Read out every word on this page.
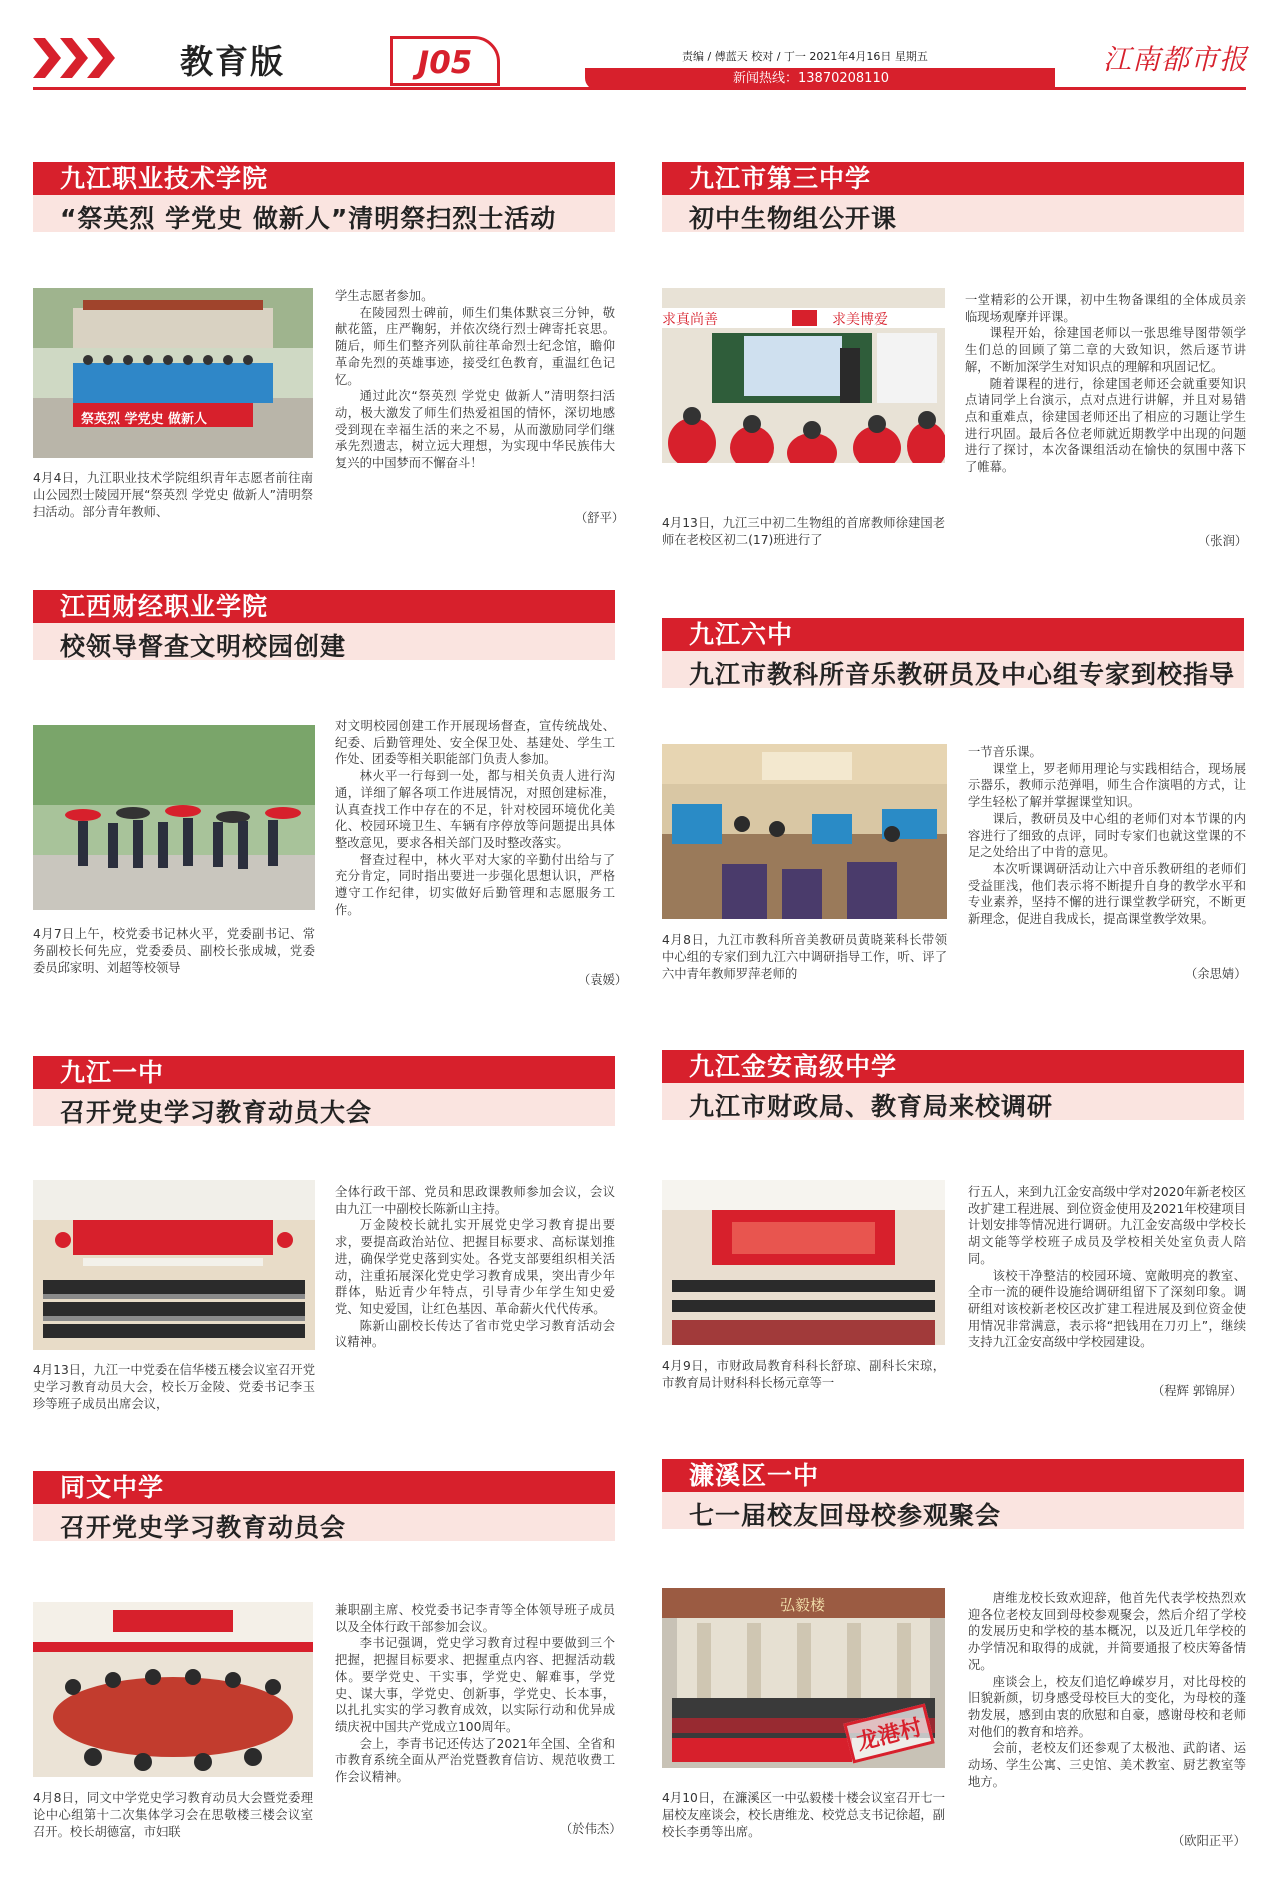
教育版	J05	责编 / 傅蓝天 校对 / 丁一 2021年4月16日 星期五
新闻热线：13870208110
江南都市报
九江职业技术学院
“祭英烈 学党史 做新人”清明祭扫烈士活动
祭英烈 学党史 做新人
4月4日，九江职业技术学院组织青年志愿者前往南山公园烈士陵园开展“祭英烈 学党史 做新人”清明祭扫活动。部分青年教师、

学生志愿者参加。

在陵园烈士碑前，师生们集体默哀三分钟，敬献花篮，庄严鞠躬，并依次绕行烈士碑寄托哀思。随后，师生们整齐列队前往革命烈士纪念馆，瞻仰革命先烈的英雄事迹，接受红色教育，重温红色记忆。

通过此次“祭英烈 学党史 做新人”清明祭扫活动，极大激发了师生们热爱祖国的情怀，深切地感受到现在幸福生活的来之不易，从而激励同学们继承先烈遗志，树立远大理想，为实现中华民族伟大复兴的中国梦而不懈奋斗！

（舒平）
九江市第三中学
初中生物组公开课
求真尚善	求美博爱
4月13日，九江三中初二生物组的首席教师徐建国老师在老校区初二(17)班进行了

一堂精彩的公开课，初中生物备课组的全体成员亲临现场观摩并评课。

课程开始，徐建国老师以一张思维导图带领学生们总的回顾了第二章的大致知识，然后逐节讲解，不断加深学生对知识点的理解和巩固记忆。

随着课程的进行，徐建国老师还会就重要知识点请同学上台演示，点对点进行讲解，并且对易错点和重难点，徐建国老师还出了相应的习题让学生进行巩固。最后各位老师就近期教学中出现的问题进行了探讨，本次备课组活动在愉快的氛围中落下了帷幕。

（张润）
江西财经职业学院
校领导督查文明校园创建
4月7日上午，校党委书记林火平，党委副书记、常务副校长何先应，党委委员、副校长张成城，党委委员邱家明、刘超等校领导

对文明校园创建工作开展现场督查，宣传统战处、纪委、后勤管理处、安全保卫处、基建处、学生工作处、团委等相关职能部门负责人参加。

林火平一行每到一处，都与相关负责人进行沟通，详细了解各项工作进展情况，对照创建标准，认真查找工作中存在的不足，针对校园环境优化美化、校园环境卫生、车辆有序停放等问题提出具体整改意见，要求各相关部门及时整改落实。

督查过程中，林火平对大家的辛勤付出给与了充分肯定，同时指出要进一步强化思想认识，严格遵守工作纪律，切实做好后勤管理和志愿服务工作。

（袁媛）
九江六中
九江市教科所音乐教研员及中心组专家到校指导
4月8日，九江市教科所音美教研员黄晓莱科长带领中心组的专家们到九江六中调研指导工作，听、评了六中青年教师罗萍老师的

一节音乐课。

课堂上，罗老师用理论与实践相结合，现场展示器乐，教师示范弹唱，师生合作演唱的方式，让学生轻松了解并掌握课堂知识。

课后，教研员及中心组的老师们对本节课的内容进行了细致的点评，同时专家们也就这堂课的不足之处给出了中肯的意见。

本次听课调研活动让六中音乐教研组的老师们受益匪浅，他们表示将不断提升自身的教学水平和专业素养，坚持不懈的进行课堂教学研究，不断更新理念，促进自我成长，提高课堂教学效果。

（余思婧）
九江一中
召开党史学习教育动员大会
4月13日，九江一中党委在信华楼五楼会议室召开党史学习教育动员大会，校长万金陵、党委书记李玉珍等班子成员出席会议，

全体行政干部、党员和思政课教师参加会议，会议由九江一中副校长陈新山主持。

万金陵校长就扎实开展党史学习教育提出要求，要提高政治站位、把握目标要求、高标谋划推进，确保学党史落到实处。各党支部要组织相关活动，注重拓展深化党史学习教育成果，突出青少年群体，贴近青少年特点，引导青少年学生知史爱党、知史爱国，让红色基因、革命薪火代代传承。

陈新山副校长传达了省市党史学习教育活动会议精神。

九江金安高级中学
九江市财政局、教育局来校调研
4月9日，市财政局教育科科长舒琼、副科长宋琼，市教育局计财科科长杨元章等一

行五人，来到九江金安高级中学对2020年新老校区改扩建工程进展、到位资金使用及2021年校建项目计划安排等情况进行调研。九江金安高级中学校长胡文能等学校班子成员及学校相关处室负责人陪同。

该校干净整洁的校园环境、宽敞明亮的教室、全市一流的硬件设施给调研组留下了深刻印象。调研组对该校新老校区改扩建工程进展及到位资金使用情况非常满意，表示将“把钱用在刀刃上”，继续支持九江金安高级中学校园建设。

（程辉 郭锦屏）
同文中学
召开党史学习教育动员会
4月8日，同文中学党史学习教育动员大会暨党委理论中心组第十二次集体学习会在思敬楼三楼会议室召开。校长胡德富，市妇联

兼职副主席、校党委书记李青等全体领导班子成员以及全体行政干部参加会议。

李书记强调，党史学习教育过程中要做到三个把握，把握目标要求、把握重点内容、把握活动载体。要学党史、干实事，学党史、解难事，学党史、谋大事，学党史、创新事，学党史、长本事，以扎扎实实的学习教育成效，以实际行动和优异成绩庆祝中国共产党成立100周年。

会上，李青书记还传达了2021年全国、全省和市教育系统全面从严治党暨教育信访、规范收费工作会议精神。

（於伟杰）
濂溪区一中
七一届校友回母校参观聚会
弘毅楼
龙港村
4月10日，在濂溪区一中弘毅楼十楼会议室召开七一届校友座谈会，校长唐维龙、校党总支书记徐超，副校长李勇等出席。

唐维龙校长致欢迎辞，他首先代表学校热烈欢迎各位老校友回到母校参观聚会，然后介绍了学校的发展历史和学校的基本概况，以及近几年学校的办学情况和取得的成就，并简要通报了校庆筹备情况。

座谈会上，校友们追忆峥嵘岁月，对比母校的旧貌新颜，切身感受母校巨大的变化，为母校的蓬勃发展，感到由衷的欣慰和自豪，感谢母校和老师对他们的教育和培养。

会前，老校友们还参观了太极池、武韵诸、运动场、学生公寓、三史馆、美术教室、厨艺教室等地方。

（欧阳正平）
